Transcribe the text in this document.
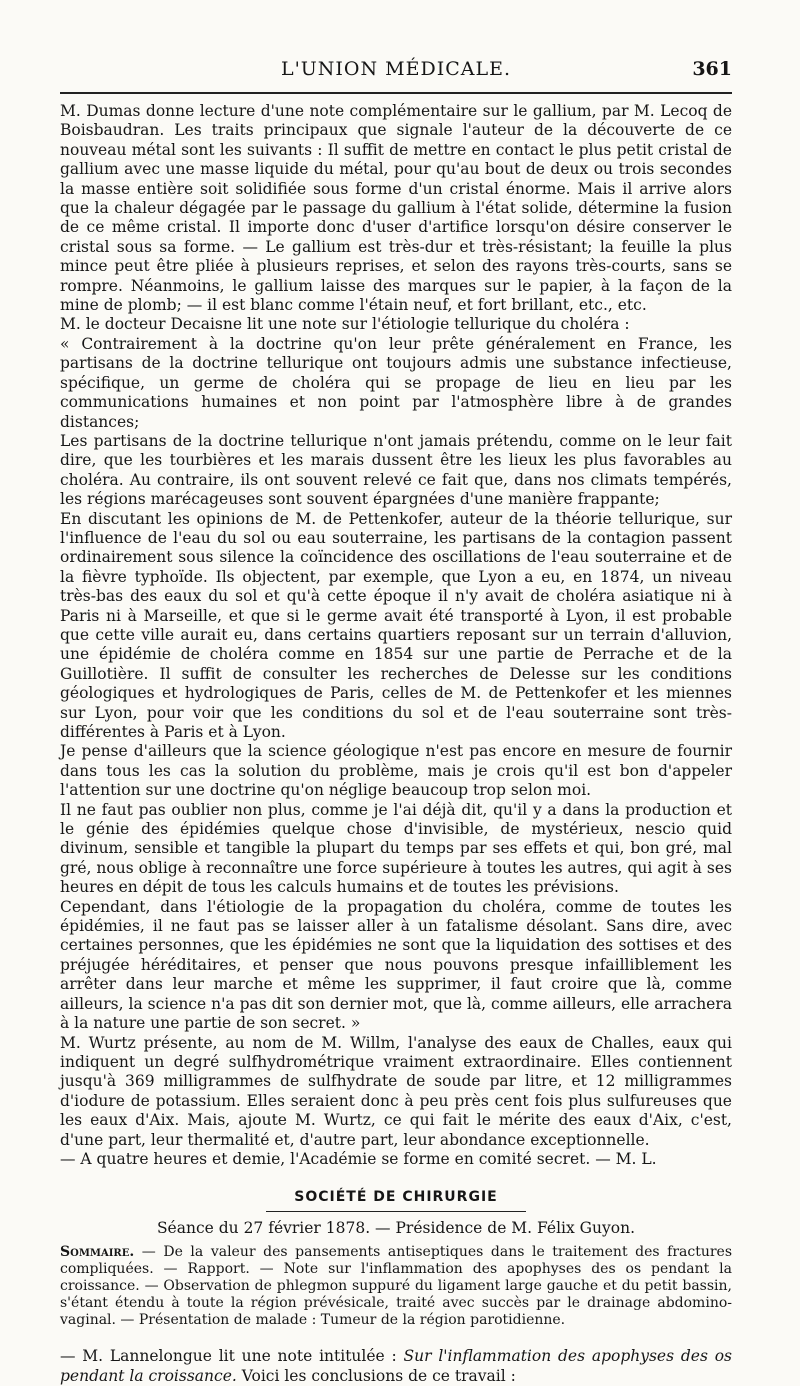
L'UNION MÉDICALE.	361

M. Dumas donne lecture d'une note complémentaire sur le gallium, par M. Lecoq de Boisbaudran. Les traits principaux que signale l'auteur de la découverte de ce nouveau métal sont les suivants : Il suffit de mettre en contact le plus petit cristal de gallium avec une masse liquide du métal, pour qu'au bout de deux ou trois secondes la masse entière soit solidifiée sous forme d'un cristal énorme. Mais il arrive alors que la chaleur dégagée par le passage du gallium à l'état solide, détermine la fusion de ce même cristal. Il importe donc d'user d'artifice lorsqu'on désire conserver le cristal sous sa forme. — Le gallium est très-dur et très-résistant; la feuille la plus mince peut être pliée à plusieurs reprises, et selon des rayons très-courts, sans se rompre. Néanmoins, le gallium laisse des marques sur le papier, à la façon de la mine de plomb; — il est blanc comme l'étain neuf, et fort brillant, etc., etc.

M. le docteur Decaisne lit une note sur l'étiologie tellurique du choléra :

« Contrairement à la doctrine qu'on leur prête généralement en France, les partisans de la doctrine tellurique ont toujours admis une substance infectieuse, spécifique, un germe de choléra qui se propage de lieu en lieu par les communications humaines et non point par l'atmosphère libre à de grandes distances;

Les partisans de la doctrine tellurique n'ont jamais prétendu, comme on le leur fait dire, que les tourbières et les marais dussent être les lieux les plus favorables au choléra. Au contraire, ils ont souvent relevé ce fait que, dans nos climats tempérés, les régions marécageuses sont souvent épargnées d'une manière frappante;

En discutant les opinions de M. de Pettenkofer, auteur de la théorie tellurique, sur l'influence de l'eau du sol ou eau souterraine, les partisans de la contagion passent ordinairement sous silence la coïncidence des oscillations de l'eau souterraine et de la fièvre typhoïde. Ils objectent, par exemple, que Lyon a eu, en 1874, un niveau très-bas des eaux du sol et qu'à cette époque il n'y avait de choléra asiatique ni à Paris ni à Marseille, et que si le germe avait été transporté à Lyon, il est probable que cette ville aurait eu, dans certains quartiers reposant sur un terrain d'alluvion, une épidémie de choléra comme en 1854 sur une partie de Perrache et de la Guillotière. Il suffit de consulter les recherches de Delesse sur les conditions géologiques et hydrologiques de Paris, celles de M. de Pettenkofer et les miennes sur Lyon, pour voir que les conditions du sol et de l'eau souterraine sont très-différentes à Paris et à Lyon.

Je pense d'ailleurs que la science géologique n'est pas encore en mesure de fournir dans tous les cas la solution du problème, mais je crois qu'il est bon d'appeler l'attention sur une doctrine qu'on néglige beaucoup trop selon moi.

Il ne faut pas oublier non plus, comme je l'ai déjà dit, qu'il y a dans la production et le génie des épidémies quelque chose d'invisible, de mystérieux, nescio quid divinum, sensible et tangible la plupart du temps par ses effets et qui, bon gré, mal gré, nous oblige à reconnaître une force supérieure à toutes les autres, qui agit à ses heures en dépit de tous les calculs humains et de toutes les prévisions.

Cependant, dans l'étiologie de la propagation du choléra, comme de toutes les épidémies, il ne faut pas se laisser aller à un fatalisme désolant. Sans dire, avec certaines personnes, que les épidémies ne sont que la liquidation des sottises et des préjugée héréditaires, et penser que nous pouvons presque infailliblement les arrêter dans leur marche et même les supprimer, il faut croire que là, comme ailleurs, la science n'a pas dit son dernier mot, que là, comme ailleurs, elle arrachera à la nature une partie de son secret. »

M. Wurtz présente, au nom de M. Willm, l'analyse des eaux de Challes, eaux qui indiquent un degré sulfhydrométrique vraiment extraordinaire. Elles contiennent jusqu'à 369 milligrammes de sulfhydrate de soude par litre, et 12 milligrammes d'iodure de potassium. Elles seraient donc à peu près cent fois plus sulfureuses que les eaux d'Aix. Mais, ajoute M. Wurtz, ce qui fait le mérite des eaux d'Aix, c'est, d'une part, leur thermalité et, d'autre part, leur abondance exceptionnelle.

— A quatre heures et demie, l'Académie se forme en comité secret. — M. L.

SOCIÉTÉ DE CHIRURGIE
Séance du 27 février 1878. — Présidence de M. Félix Guyon.

Sommaire. — De la valeur des pansements antiseptiques dans le traitement des fractures compliquées. — Rapport. — Note sur l'inflammation des apophyses des os pendant la croissance. — Observation de phlegmon suppuré du ligament large gauche et du petit bassin, s'étant étendu à toute la région prévésicale, traité avec succès par le drainage abdomino-vaginal. — Présentation de malade : Tumeur de la région parotidienne.

— M. Lannelongue lit une note intitulée : Sur l'inflammation des apophyses des os pendant la croissance. Voici les conclusions de ce travail :
